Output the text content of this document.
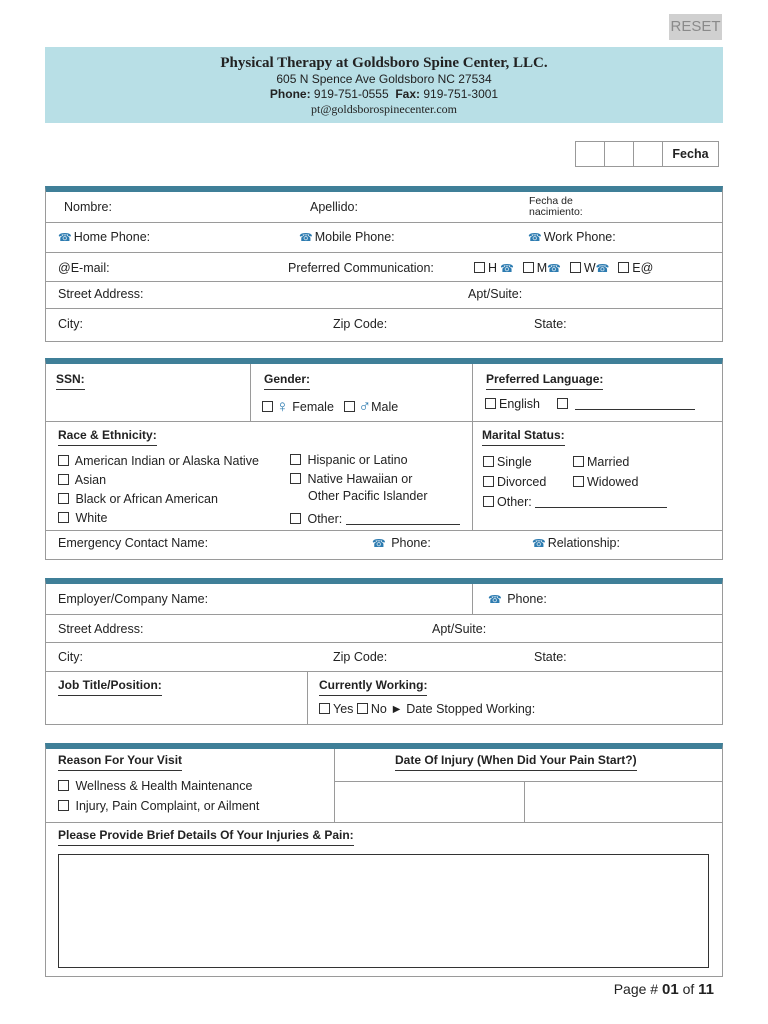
RESET
Physical Therapy at Goldsboro Spine Center, LLC.
605 N Spence Ave Goldsboro NC 27534
Phone: 919-751-0555 Fax: 919-751-3001
pt@goldsborospinecenter.com
Fecha
Nombre:	Apellido:	Fecha de
nacimiento:
☎ Home Phone:	☎ Mobile Phone:	☎ Work Phone:
@E-mail:	Preferred Communication:	H ☎ M☎ W☎ E@
Street Address:	Apt/Suite:
City:	Zip Code:	State:
SSN:	Gender:
♀ Female ♂Male
Preferred Language:
English
Race & Ethnicity:
American Indian or Alaska Native
Asian
Black or African American
White
Hispanic or Latino
Native Hawaiian or
Other Pacific Islander
Other:
Marital Status:
Single	Married
Divorced	Widowed
Other:
Emergency Contact Name:	☎ Phone:	☎ Relationship:
Employer/Company Name:	☎ Phone:
Street Address:	Apt/Suite:
City:	Zip Code:	State:
Job Title/Position:	Currently Working:
Yes No ► Date Stopped Working:
Reason For Your Visit
Wellness & Health Maintenance
Injury, Pain Complaint, or Ailment
Date Of Injury (When Did Your Pain Start?)
Please Provide Brief Details Of Your Injuries & Pain:
Page # 01 of 11
